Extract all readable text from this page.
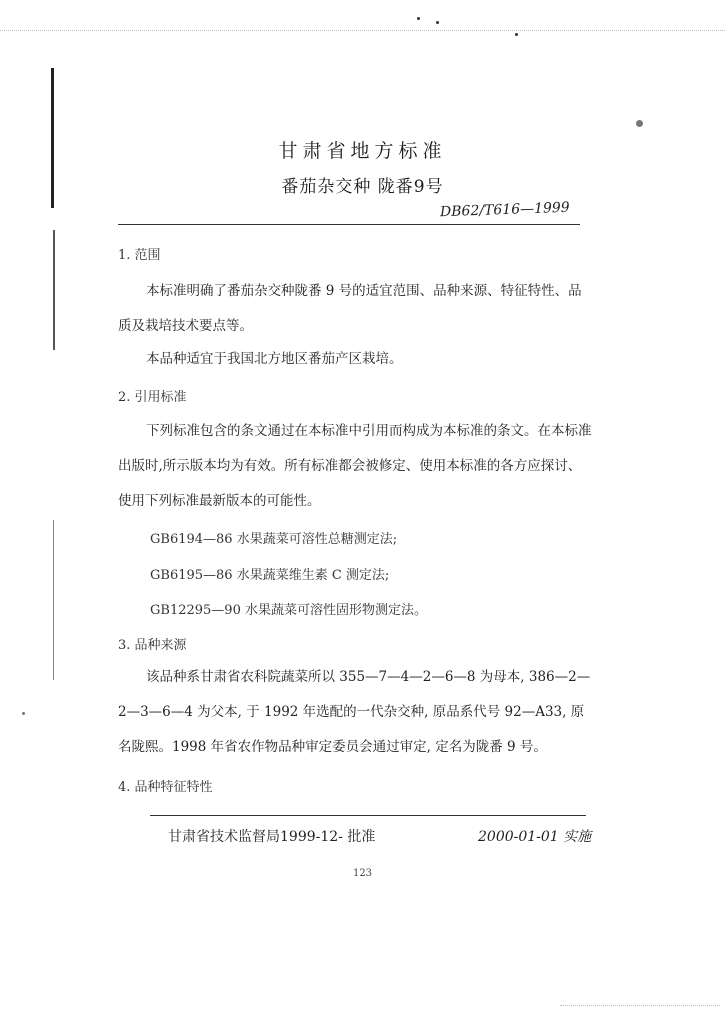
甘肃省地方标准
番茄杂交种 陇番9号
DB62/T616—1999
1. 范围
本标准明确了番茄杂交种陇番 9 号的适宜范围、品种来源、特征特性、品质及栽培技术要点等。
本品种适宜于我国北方地区番茄产区栽培。
2. 引用标准
下列标准包含的条文通过在本标准中引用而构成为本标准的条文。在本标准出版时,所示版本均为有效。所有标准都会被修定、使用本标准的各方应探讨、使用下列标准最新版本的可能性。
GB6194—86 水果蔬菜可溶性总糖测定法;
GB6195—86 水果蔬菜维生素 C 测定法;
GB12295—90 水果蔬菜可溶性固形物测定法。
3. 品种来源
该品种系甘肃省农科院蔬菜所以 355—7—4—2—6—8 为母本, 386—2—2—3—6—4 为父本, 于 1992 年选配的一代杂交种, 原品系代号 92—A33, 原名陇熙。1998 年省农作物品种审定委员会通过审定, 定名为陇番 9 号。
4. 品种特征特性
甘肃省技术监督局1999-12- 批准	2000-01-01 实施
123
